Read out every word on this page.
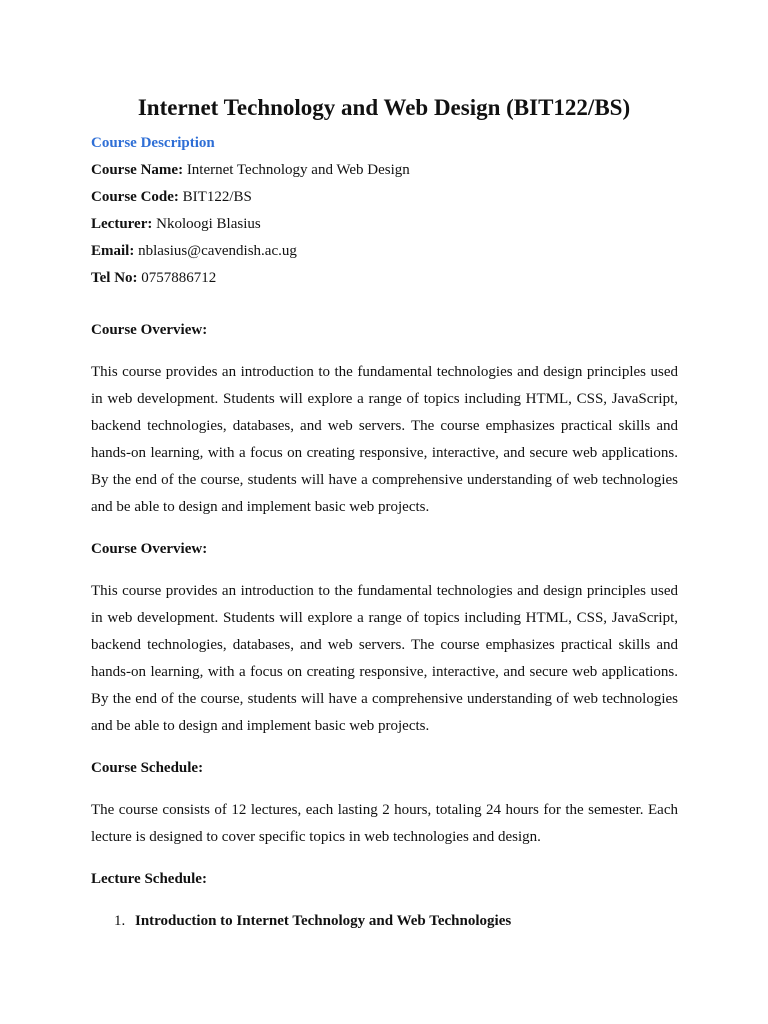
Internet Technology and Web Design (BIT122/BS)

Course Description

Course Name: Internet Technology and Web Design

Course Code: BIT122/BS

Lecturer: Nkoloogi Blasius

Email: nblasius@cavendish.ac.ug

Tel No: 0757886712

Course Overview:

This course provides an introduction to the fundamental technologies and design principles used in web development. Students will explore a range of topics including HTML, CSS, JavaScript, backend technologies, databases, and web servers. The course emphasizes practical skills and hands-on learning, with a focus on creating responsive, interactive, and secure web applications. By the end of the course, students will have a comprehensive understanding of web technologies and be able to design and implement basic web projects.

Course Overview:

This course provides an introduction to the fundamental technologies and design principles used in web development. Students will explore a range of topics including HTML, CSS, JavaScript, backend technologies, databases, and web servers. The course emphasizes practical skills and hands-on learning, with a focus on creating responsive, interactive, and secure web applications. By the end of the course, students will have a comprehensive understanding of web technologies and be able to design and implement basic web projects.

Course Schedule:

The course consists of 12 lectures, each lasting 2 hours, totaling 24 hours for the semester. Each lecture is designed to cover specific topics in web technologies and design.

Lecture Schedule:

1. Introduction to Internet Technology and Web Technologies
